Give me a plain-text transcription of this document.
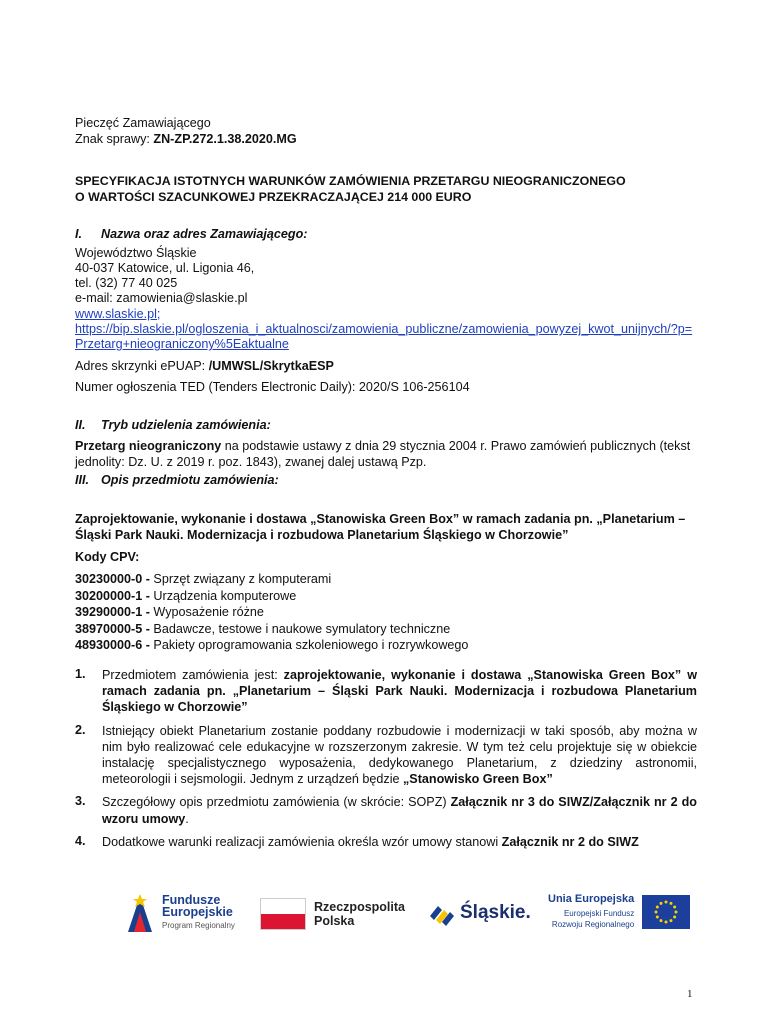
Pieczęć Zamawiającego
Znak sprawy: ZN-ZP.272.1.38.2020.MG
SPECYFIKACJA ISTOTNYCH WARUNKÓW ZAMÓWIENIA PRZETARGU NIEOGRANICZONEGO
O WARTOŚCI SZACUNKOWEJ PRZEKRACZAJĄCEJ 214 000 EURO
I.	Nazwa oraz adres Zamawiającego:
Województwo Śląskie
40-037 Katowice, ul. Ligonia 46,
tel. (32) 77 40 025
e-mail: zamowienia@slaskie.pl
www.slaskie.pl;
https://bip.slaskie.pl/ogloszenia_i_aktualnosci/zamowienia_publiczne/zamowienia_powyzej_kwot_unijnych/?p=Przetarg+nieograniczony%5Eaktualne
Adres skrzynki ePUAP: /UMWSL/SkrytkaESP
Numer ogłoszenia TED (Tenders Electronic Daily): 2020/S 106-256104
II.	Tryb udzielenia zamówienia:
Przetarg nieograniczony na podstawie ustawy z dnia 29 stycznia 2004 r. Prawo zamówień publicznych (tekst jednolity: Dz. U. z 2019 r. poz. 1843), zwanej dalej ustawą Pzp.
III. Opis przedmiotu zamówienia:
Zaprojektowanie, wykonanie i dostawa „Stanowiska Green Box” w ramach zadania pn. „Planetarium – Śląski Park Nauki. Modernizacja i rozbudowa Planetarium Śląskiego w Chorzowie”
Kody CPV:
30230000-0 - Sprzęt związany z komputerami
30200000-1 - Urządzenia komputerowe
39290000-1 - Wyposażenie różne
38970000-5 - Badawcze, testowe i naukowe symulatory techniczne
48930000-6 - Pakiety oprogramowania szkoleniowego i rozrywkowego
1.	Przedmiotem zamówienia jest: zaprojektowanie, wykonanie i dostawa „Stanowiska Green Box” w ramach zadania pn. „Planetarium – Śląski Park Nauki. Modernizacja i rozbudowa Planetarium Śląskiego w Chorzowie”
2.	Istniejący obiekt Planetarium zostanie poddany rozbudowie i modernizacji w taki sposób, aby można w nim było realizować cele edukacyjne w rozszerzonym zakresie. W tym też celu projektuje się w obiekcie instalację specjalistycznego wyposażenia, dedykowanego Planetarium, z dziedziny astronomii, meteorologii i sejsmologii. Jednym z urządzeń będzie „Stanowisko Green Box”
3.	Szczegółowy opis przedmiotu zamówienia (w skrócie: SOPZ) Załącznik nr 3 do SIWZ/Załącznik nr 2 do wzoru umowy.
4.	Dodatkowe warunki realizacji zamówienia określa wzór umowy stanowi Załącznik nr 2 do SIWZ
Fundusze
Europejskie
Program Regionalny
Rzeczpospolita
Polska	Śląskie.
Unia Europejska
Europejski Fundusz
Rozwoju Regionalnego
1
